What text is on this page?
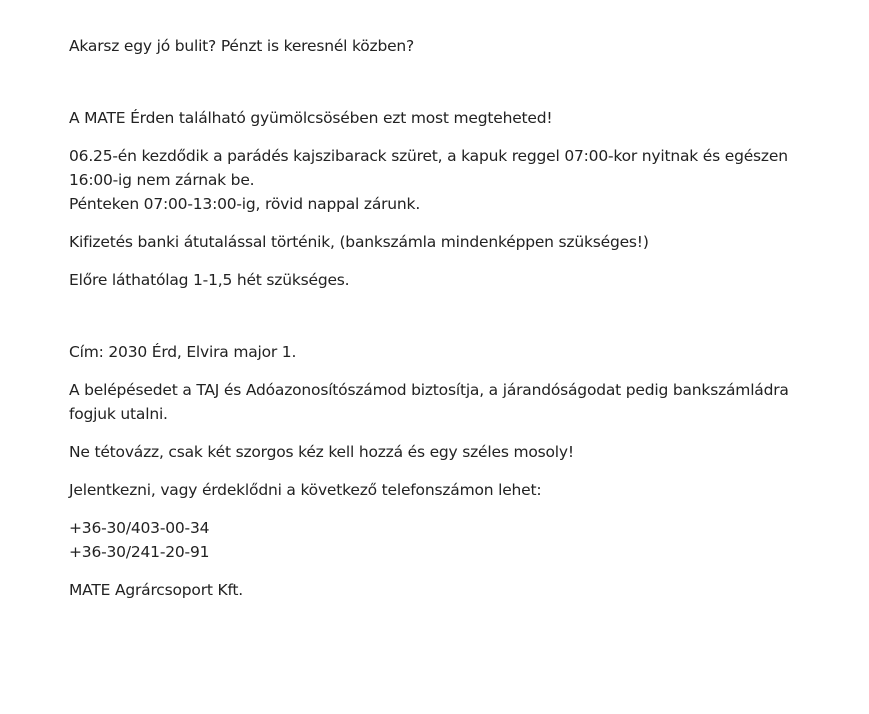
Akarsz egy jó bulit? Pénzt is keresnél közben?

A MATE Érden található gyümölcsösében ezt most megteheted!

06.25-én kezdődik a parádés kajszibarack szüret, a kapuk reggel 07:00-kor nyitnak és egészen 16:00-ig nem zárnak be.
Pénteken 07:00-13:00-ig, rövid nappal zárunk.

Kifizetés banki átutalással történik, (bankszámla mindenképpen szükséges!)

Előre láthatólag 1-1,5 hét szükséges.

Cím: 2030 Érd, Elvira major 1.

A belépésedet a TAJ és Adóazonosítószámod biztosítja, a járandóságodat pedig bankszámládra fogjuk utalni.

Ne tétovázz, csak két szorgos kéz kell hozzá és egy széles mosoly!

Jelentkezni, vagy érdeklődni a következő telefonszámon lehet:

+36-30/403-00-34
+36-30/241-20-91

MATE Agrárcsoport Kft.
